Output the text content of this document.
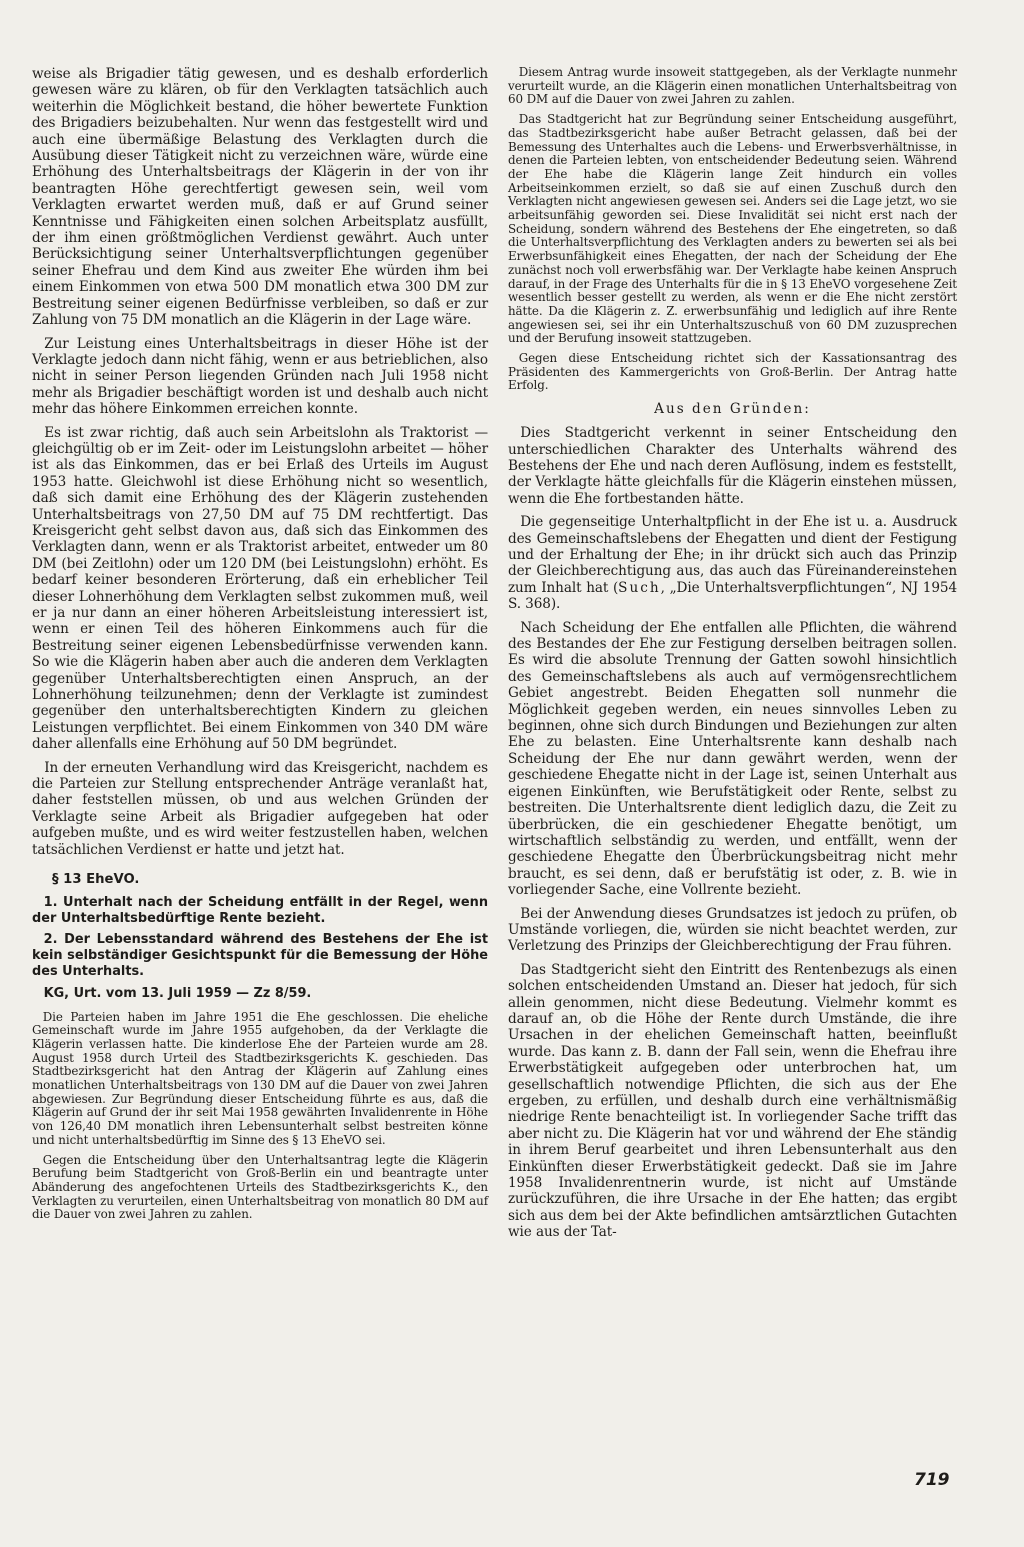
weise als Brigadier tätig gewesen, und es deshalb erforderlich gewesen wäre zu klären, ob für den Verklagten tatsächlich auch weiterhin die Möglichkeit bestand, die höher bewertete Funktion des Brigadiers beizubehalten. Nur wenn das festgestellt wird und auch eine übermäßige Belastung des Verklagten durch die Ausübung dieser Tätigkeit nicht zu verzeichnen wäre, würde eine Erhöhung des Unterhaltsbeitrags der Klägerin in der von ihr beantragten Höhe gerechtfertigt gewesen sein, weil vom Verklagten erwartet werden muß, daß er auf Grund seiner Kenntnisse und Fähigkeiten einen solchen Arbeitsplatz ausfüllt, der ihm einen größtmöglichen Verdienst gewährt. Auch unter Berücksichtigung seiner Unterhaltsverpflichtungen gegenüber seiner Ehefrau und dem Kind aus zweiter Ehe würden ihm bei einem Einkommen von etwa 500 DM monatlich etwa 300 DM zur Bestreitung seiner eigenen Bedürfnisse verbleiben, so daß er zur Zahlung von 75 DM monatlich an die Klägerin in der Lage wäre.

Zur Leistung eines Unterhaltsbeitrags in dieser Höhe ist der Verklagte jedoch dann nicht fähig, wenn er aus betrieblichen, also nicht in seiner Person liegenden Gründen nach Juli 1958 nicht mehr als Brigadier beschäftigt worden ist und deshalb auch nicht mehr das höhere Einkommen erreichen konnte.

Es ist zwar richtig, daß auch sein Arbeitslohn als Traktorist — gleichgültig ob er im Zeit- oder im Leistungslohn arbeitet — höher ist als das Einkommen, das er bei Erlaß des Urteils im August 1953 hatte. Gleichwohl ist diese Erhöhung nicht so wesentlich, daß sich damit eine Erhöhung des der Klägerin zustehenden Unterhaltsbeitrags von 27,50 DM auf 75 DM rechtfertigt. Das Kreisgericht geht selbst davon aus, daß sich das Einkommen des Verklagten dann, wenn er als Traktorist arbeitet, entweder um 80 DM (bei Zeitlohn) oder um 120 DM (bei Leistungslohn) erhöht. Es bedarf keiner besonderen Erörterung, daß ein erheblicher Teil dieser Lohnerhöhung dem Verklagten selbst zukommen muß, weil er ja nur dann an einer höheren Arbeitsleistung interessiert ist, wenn er einen Teil des höheren Einkommens auch für die Bestreitung seiner eigenen Lebensbedürfnisse verwenden kann. So wie die Klägerin haben aber auch die anderen dem Verklagten gegenüber Unterhaltsberechtigten einen Anspruch, an der Lohnerhöhung teilzunehmen; denn der Verklagte ist zumindest gegenüber den unterhaltsberechtigten Kindern zu gleichen Leistungen verpflichtet. Bei einem Einkommen von 340 DM wäre daher allenfalls eine Erhöhung auf 50 DM begründet.

In der erneuten Verhandlung wird das Kreisgericht, nachdem es die Parteien zur Stellung entsprechender Anträge veranlaßt hat, daher feststellen müssen, ob und aus welchen Gründen der Verklagte seine Arbeit als Brigadier aufgegeben hat oder aufgeben mußte, und es wird weiter festzustellen haben, welchen tatsächlichen Verdienst er hatte und jetzt hat.

§ 13 EheVO.
1. Unterhalt nach der Scheidung entfällt in der Regel, wenn der Unterhaltsbedürftige Rente bezieht.
2. Der Lebensstandard während des Bestehens der Ehe ist kein selbständiger Gesichtspunkt für die Bemessung der Höhe des Unterhalts.
KG, Urt. vom 13. Juli 1959 — Zz 8/59.

Die Parteien haben im Jahre 1951 die Ehe geschlossen. Die eheliche Gemeinschaft wurde im Jahre 1955 aufgehoben, da der Verklagte die Klägerin verlassen hatte. Die kinderlose Ehe der Parteien wurde am 28. August 1958 durch Urteil des Stadtbezirksgerichts K. geschieden. Das Stadtbezirksgericht hat den Antrag der Klägerin auf Zahlung eines monatlichen Unterhaltsbeitrags von 130 DM auf die Dauer von zwei Jahren abgewiesen. Zur Begründung dieser Entscheidung führte es aus, daß die Klägerin auf Grund der ihr seit Mai 1958 gewährten Invalidenrente in Höhe von 126,40 DM monatlich ihren Lebensunterhalt selbst bestreiten könne und nicht unterhaltsbedürftig im Sinne des § 13 EheVO sei.

Gegen die Entscheidung über den Unterhaltsantrag legte die Klägerin Berufung beim Stadtgericht von Groß-Berlin ein und beantragte unter Abänderung des angefochtenen Urteils des Stadtbezirksgerichts K., den Verklagten zu verurteilen, einen Unterhaltsbeitrag von monatlich 80 DM auf die Dauer von zwei Jahren zu zahlen.

Diesem Antrag wurde insoweit stattgegeben, als der Verklagte nunmehr verurteilt wurde, an die Klägerin einen monatlichen Unterhaltsbeitrag von 60 DM auf die Dauer von zwei Jahren zu zahlen.

Das Stadtgericht hat zur Begründung seiner Entscheidung ausgeführt, das Stadtbezirksgericht habe außer Betracht gelassen, daß bei der Bemessung des Unterhaltes auch die Lebens- und Erwerbsverhältnisse, in denen die Parteien lebten, von entscheidender Bedeutung seien. Während der Ehe habe die Klägerin lange Zeit hindurch ein volles Arbeitseinkommen erzielt, so daß sie auf einen Zuschuß durch den Verklagten nicht angewiesen gewesen sei. Anders sei die Lage jetzt, wo sie arbeitsunfähig geworden sei. Diese Invalidität sei nicht erst nach der Scheidung, sondern während des Bestehens der Ehe eingetreten, so daß die Unterhaltsverpflichtung des Verklagten anders zu bewerten sei als bei Erwerbsunfähigkeit eines Ehegatten, der nach der Scheidung der Ehe zunächst noch voll erwerbsfähig war. Der Verklagte habe keinen Anspruch darauf, in der Frage des Unterhalts für die in § 13 EheVO vorgesehene Zeit wesentlich besser gestellt zu werden, als wenn er die Ehe nicht zerstört hätte. Da die Klägerin z. Z. erwerbsunfähig und lediglich auf ihre Rente angewiesen sei, sei ihr ein Unterhaltszuschuß von 60 DM zuzusprechen und der Berufung insoweit stattzugeben.

Gegen diese Entscheidung richtet sich der Kassationsantrag des Präsidenten des Kammergerichts von Groß-Berlin. Der Antrag hatte Erfolg.

Aus den Gründen:

Dies Stadtgericht verkennt in seiner Entscheidung den unterschiedlichen Charakter des Unterhalts während des Bestehens der Ehe und nach deren Auflösung, indem es feststellt, der Verklagte hätte gleichfalls für die Klägerin einstehen müssen, wenn die Ehe fortbestanden hätte.

Die gegenseitige Unterhaltpflicht in der Ehe ist u. a. Ausdruck des Gemeinschaftslebens der Ehegatten und dient der Festigung und der Erhaltung der Ehe; in ihr drückt sich auch das Prinzip der Gleichberechtigung aus, das auch das Füreinandereinstehen zum Inhalt hat (Such, „Die Unterhaltsverpflichtungen“, NJ 1954 S. 368).

Nach Scheidung der Ehe entfallen alle Pflichten, die während des Bestandes der Ehe zur Festigung derselben beitragen sollen. Es wird die absolute Trennung der Gatten sowohl hinsichtlich des Gemeinschaftslebens als auch auf vermögensrechtlichem Gebiet angestrebt. Beiden Ehegatten soll nunmehr die Möglichkeit gegeben werden, ein neues sinnvolles Leben zu beginnen, ohne sich durch Bindungen und Beziehungen zur alten Ehe zu belasten. Eine Unterhaltsrente kann deshalb nach Scheidung der Ehe nur dann gewährt werden, wenn der geschiedene Ehegatte nicht in der Lage ist, seinen Unterhalt aus eigenen Einkünften, wie Berufstätigkeit oder Rente, selbst zu bestreiten. Die Unterhaltsrente dient lediglich dazu, die Zeit zu überbrücken, die ein geschiedener Ehegatte benötigt, um wirtschaftlich selbständig zu werden, und entfällt, wenn der geschiedene Ehegatte den Überbrückungsbeitrag nicht mehr braucht, es sei denn, daß er berufstätig ist oder, z. B. wie in vorliegender Sache, eine Vollrente bezieht.

Bei der Anwendung dieses Grundsatzes ist jedoch zu prüfen, ob Umstände vorliegen, die, würden sie nicht beachtet werden, zur Verletzung des Prinzips der Gleichberechtigung der Frau führen.

Das Stadtgericht sieht den Eintritt des Rentenbezugs als einen solchen entscheidenden Umstand an. Dieser hat jedoch, für sich allein genommen, nicht diese Bedeutung. Vielmehr kommt es darauf an, ob die Höhe der Rente durch Umstände, die ihre Ursachen in der ehelichen Gemeinschaft hatten, beeinflußt wurde. Das kann z. B. dann der Fall sein, wenn die Ehefrau ihre Erwerbstätigkeit aufgegeben oder unterbrochen hat, um gesellschaftlich notwendige Pflichten, die sich aus der Ehe ergeben, zu erfüllen, und deshalb durch eine verhältnismäßig niedrige Rente benachteiligt ist. In vorliegender Sache trifft das aber nicht zu. Die Klägerin hat vor und während der Ehe ständig in ihrem Beruf gearbeitet und ihren Lebensunterhalt aus den Einkünften dieser Erwerbstätigkeit gedeckt. Daß sie im Jahre 1958 Invalidenrentnerin wurde, ist nicht auf Umstände zurückzuführen, die ihre Ursache in der Ehe hatten; das ergibt sich aus dem bei der Akte befindlichen amtsärztlichen Gutachten wie aus der Tat-

719
